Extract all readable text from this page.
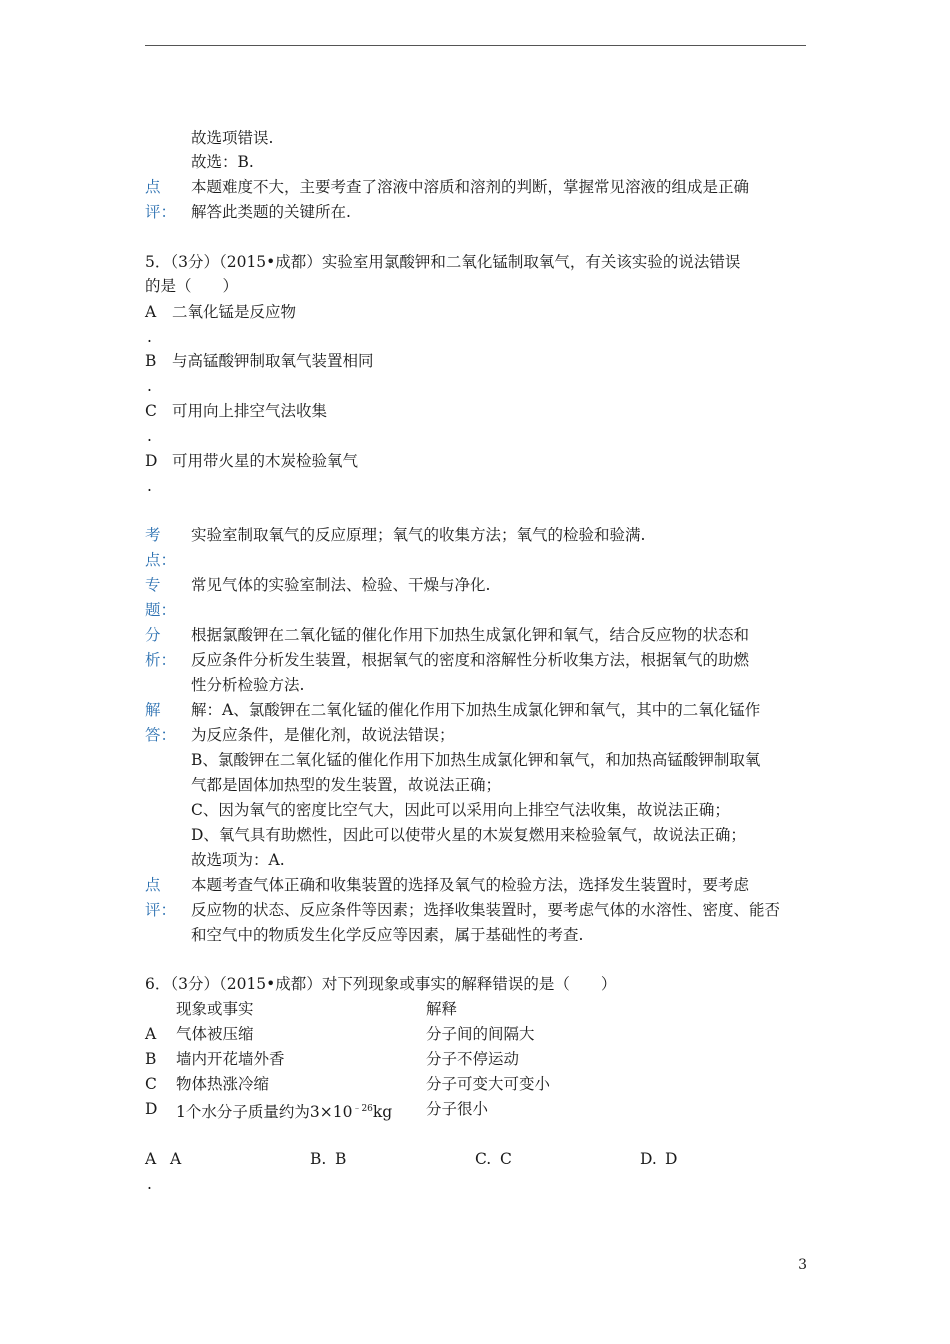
故选项错误.
故选：B.
点
评：
本题难度不大，主要考查了溶液中溶质和溶剂的判断，掌握常见溶液的组成是正确
解答此类题的关键所在.
5．（3分）（2015•成都）实验室用氯酸钾和二氧化锰制取氧气，有关该实验的说法错误
的是（　　）
A 二氧化锰是反应物
.
B 与高锰酸钾制取氧气装置相同
.
C 可用向上排空气法收集
.
D 可用带火星的木炭检验氧气
.
考
点：
实验室制取氧气的反应原理；氧气的收集方法；氧气的检验和验满.
专
题：
常见气体的实验室制法、检验、干燥与净化.
分
析：
根据氯酸钾在二氧化锰的催化作用下加热生成氯化钾和氧气，结合反应物的状态和
反应条件分析发生装置，根据氧气的密度和溶解性分析收集方法，根据氧气的助燃
性分析检验方法.
解
答：
解：A、氯酸钾在二氧化锰的催化作用下加热生成氯化钾和氧气，其中的二氧化锰作
为反应条件，是催化剂，故说法错误；
B、氯酸钾在二氧化锰的催化作用下加热生成氯化钾和氧气，和加热高锰酸钾制取氧
气都是固体加热型的发生装置，故说法正确；
C、因为氧气的密度比空气大，因此可以采用向上排空气法收集，故说法正确；
D、氧气具有助燃性，因此可以使带火星的木炭复燃用来检验氧气，故说法正确；
故选项为：A.
点
评：
本题考查气体正确和收集装置的选择及氧气的检验方法，选择发生装置时，要考虑
反应物的状态、反应条件等因素；选择收集装置时，要考虑气体的水溶性、密度、能否
和空气中的物质发生化学反应等因素，属于基础性的考查.
6．（3分）（2015•成都）对下列现象或事实的解释错误的是（　　）
现象或事实	解释
A 气体被压缩	分子间的间隔大
B 墙内开花墙外香	分子不停运动
C 物体热涨冷缩	分子可变大可变小
D 1个水分子质量约为$3\times 10^{﹣26}kg$ 分子很小
A A
.
B. B	C. C	D. D
3
